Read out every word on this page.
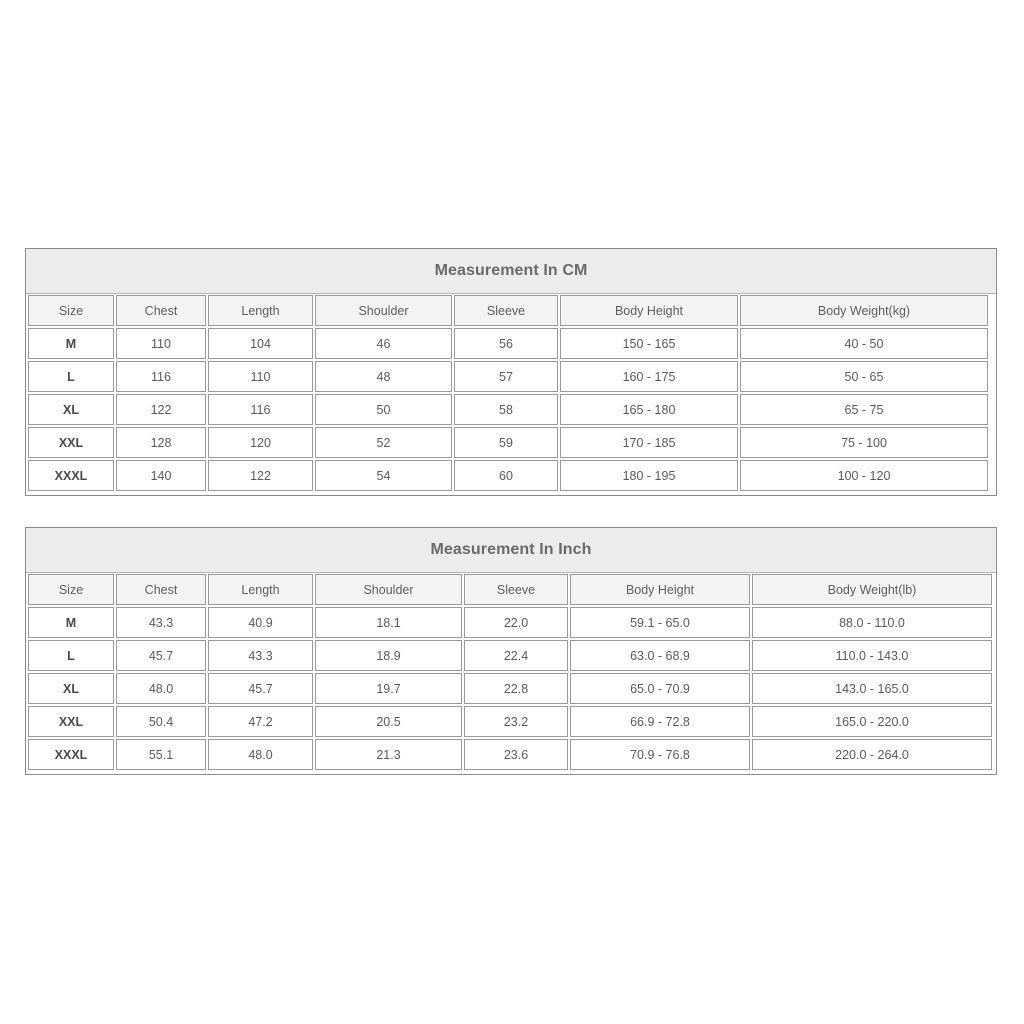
Measurement In CM
Size	Chest	Length	Shoulder	Sleeve	Body Height	Body Weight(kg)
M	110	104	46	56	150 - 165	40 - 50
L	116	110	48	57	160 - 175	50 - 65
XL	122	116	50	58	165 - 180	65 - 75
XXL	128	120	52	59	170 - 185	75 - 100
XXXL	140	122	54	60	180 - 195	100 - 120
Measurement In Inch
Size	Chest	Length	Shoulder	Sleeve	Body Height	Body Weight(lb)
M	43.3	40.9	18.1	22.0	59.1 - 65.0	88.0 - 110.0
L	45.7	43.3	18.9	22.4	63.0 - 68.9	110.0 - 143.0
XL	48.0	45.7	19.7	22.8	65.0 - 70.9	143.0 - 165.0
XXL	50.4	47.2	20.5	23.2	66.9 - 72.8	165.0 - 220.0
XXXL	55.1	48.0	21.3	23.6	70.9 - 76.8	220.0 - 264.0
